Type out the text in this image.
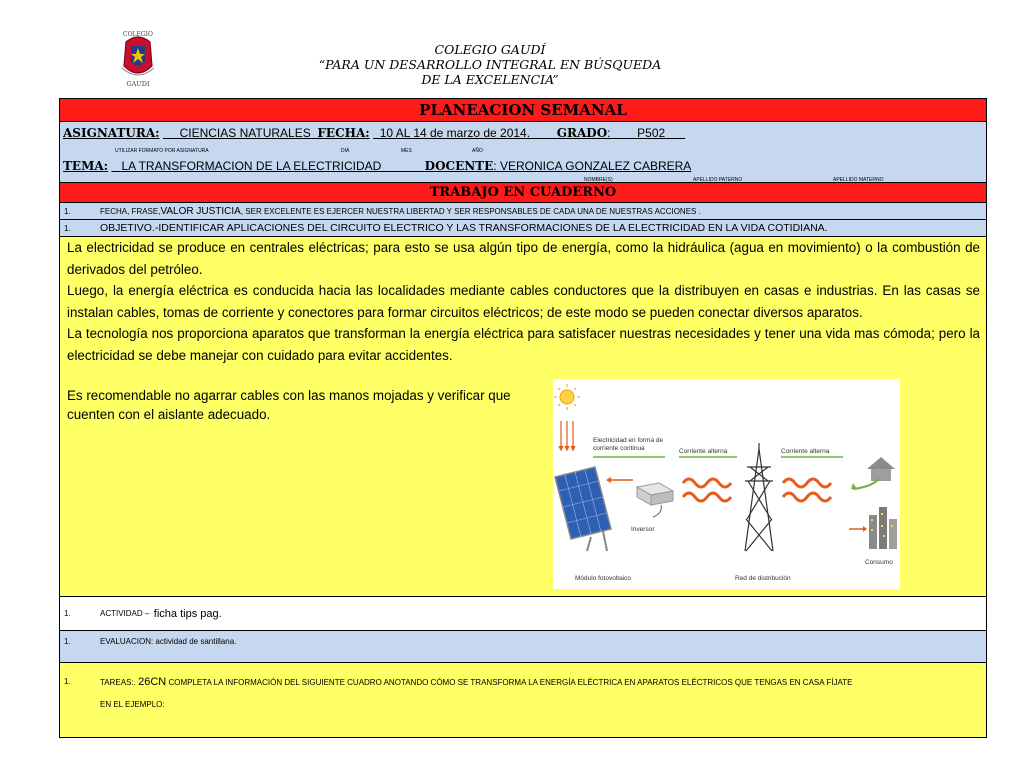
COLEGIO
GAUDI
COLEGIO GAUDÍ
“PARA UN DESARROLLO INTEGRAL EN BÚSQUEDA
DE LA EXCELENCIA”
PLANEACION SEMANAL
ASIGNATURA: CIENCIAS NATURALES FECHA: 10 AL 14 de marzo de 2014. GRADO:        P502
UTILIZAR FORMATO POR ASIGNATURA	DÍA	MES	AÑO
TEMA: LA TRANSFORMACION DE LA ELECTRICIDAD	DOCENTE: VERONICA GONZALEZ CABRERA
NOMBRE(S)	APELLIDO PATERNO	APELLIDO MATERNO
TRABAJO EN CUADERNO
1.	FECHA, FRASE, VALOR JUSTICIA , SER EXCELENTE ES EJERCER NUESTRA LIBERTAD Y SER RESPONSABLES DE CADA UNA DE NUESTRAS ACCIONES .
1.	OBJETIVO.-IDENTIFICAR APLICACIONES DEL CIRCUITO ELECTRICO Y LAS TRANSFORMACIONES DE LA ELECTRICIDAD EN LA VIDA COTIDIANA.

La electricidad se produce en centrales eléctricas; para esto se usa algún tipo de energía, como la hidráulica (agua en movimiento) o la combustión de derivados del petróleo.

Luego, la energía eléctrica es conducida hacia las localidades mediante cables conductores que la distribuyen en casas e industrias. En las casas se instalan cables, tomas de corriente y conectores para formar circuitos eléctricos; de este modo se pueden conectar diversos aparatos.

La tecnología nos proporciona aparatos que transforman la energía eléctrica para satisfacer nuestras necesidades y tener una vida mas cómoda; pero la electricidad se debe manejar con cuidado para evitar accidentes.

Es recomendable no agarrar cables con las manos mojadas y verificar que cuenten con el aislante adecuado.
Módulo fotovoltaico
Electricidad en forma de
corriente continua
Inversor
Corriente alterna
Red de distribución
Corriente alterna
Consumo
1.	ACTIVIDAD –
ficha tips pag.
1.	EVALUACION: actividad de santillana.
1.	TAREAS:. 26CN COMPLETA LA INFORMACIÓN DEL SIGUIENTE CUADRO ANOTANDO CÓMO SE TRANSFORMA LA ENERGÍA ELÉCTRICA EN APARATOS ELÉCTRICOS QUE TENGAS EN CASA FÍJATE
EN EL EJEMPLO:
